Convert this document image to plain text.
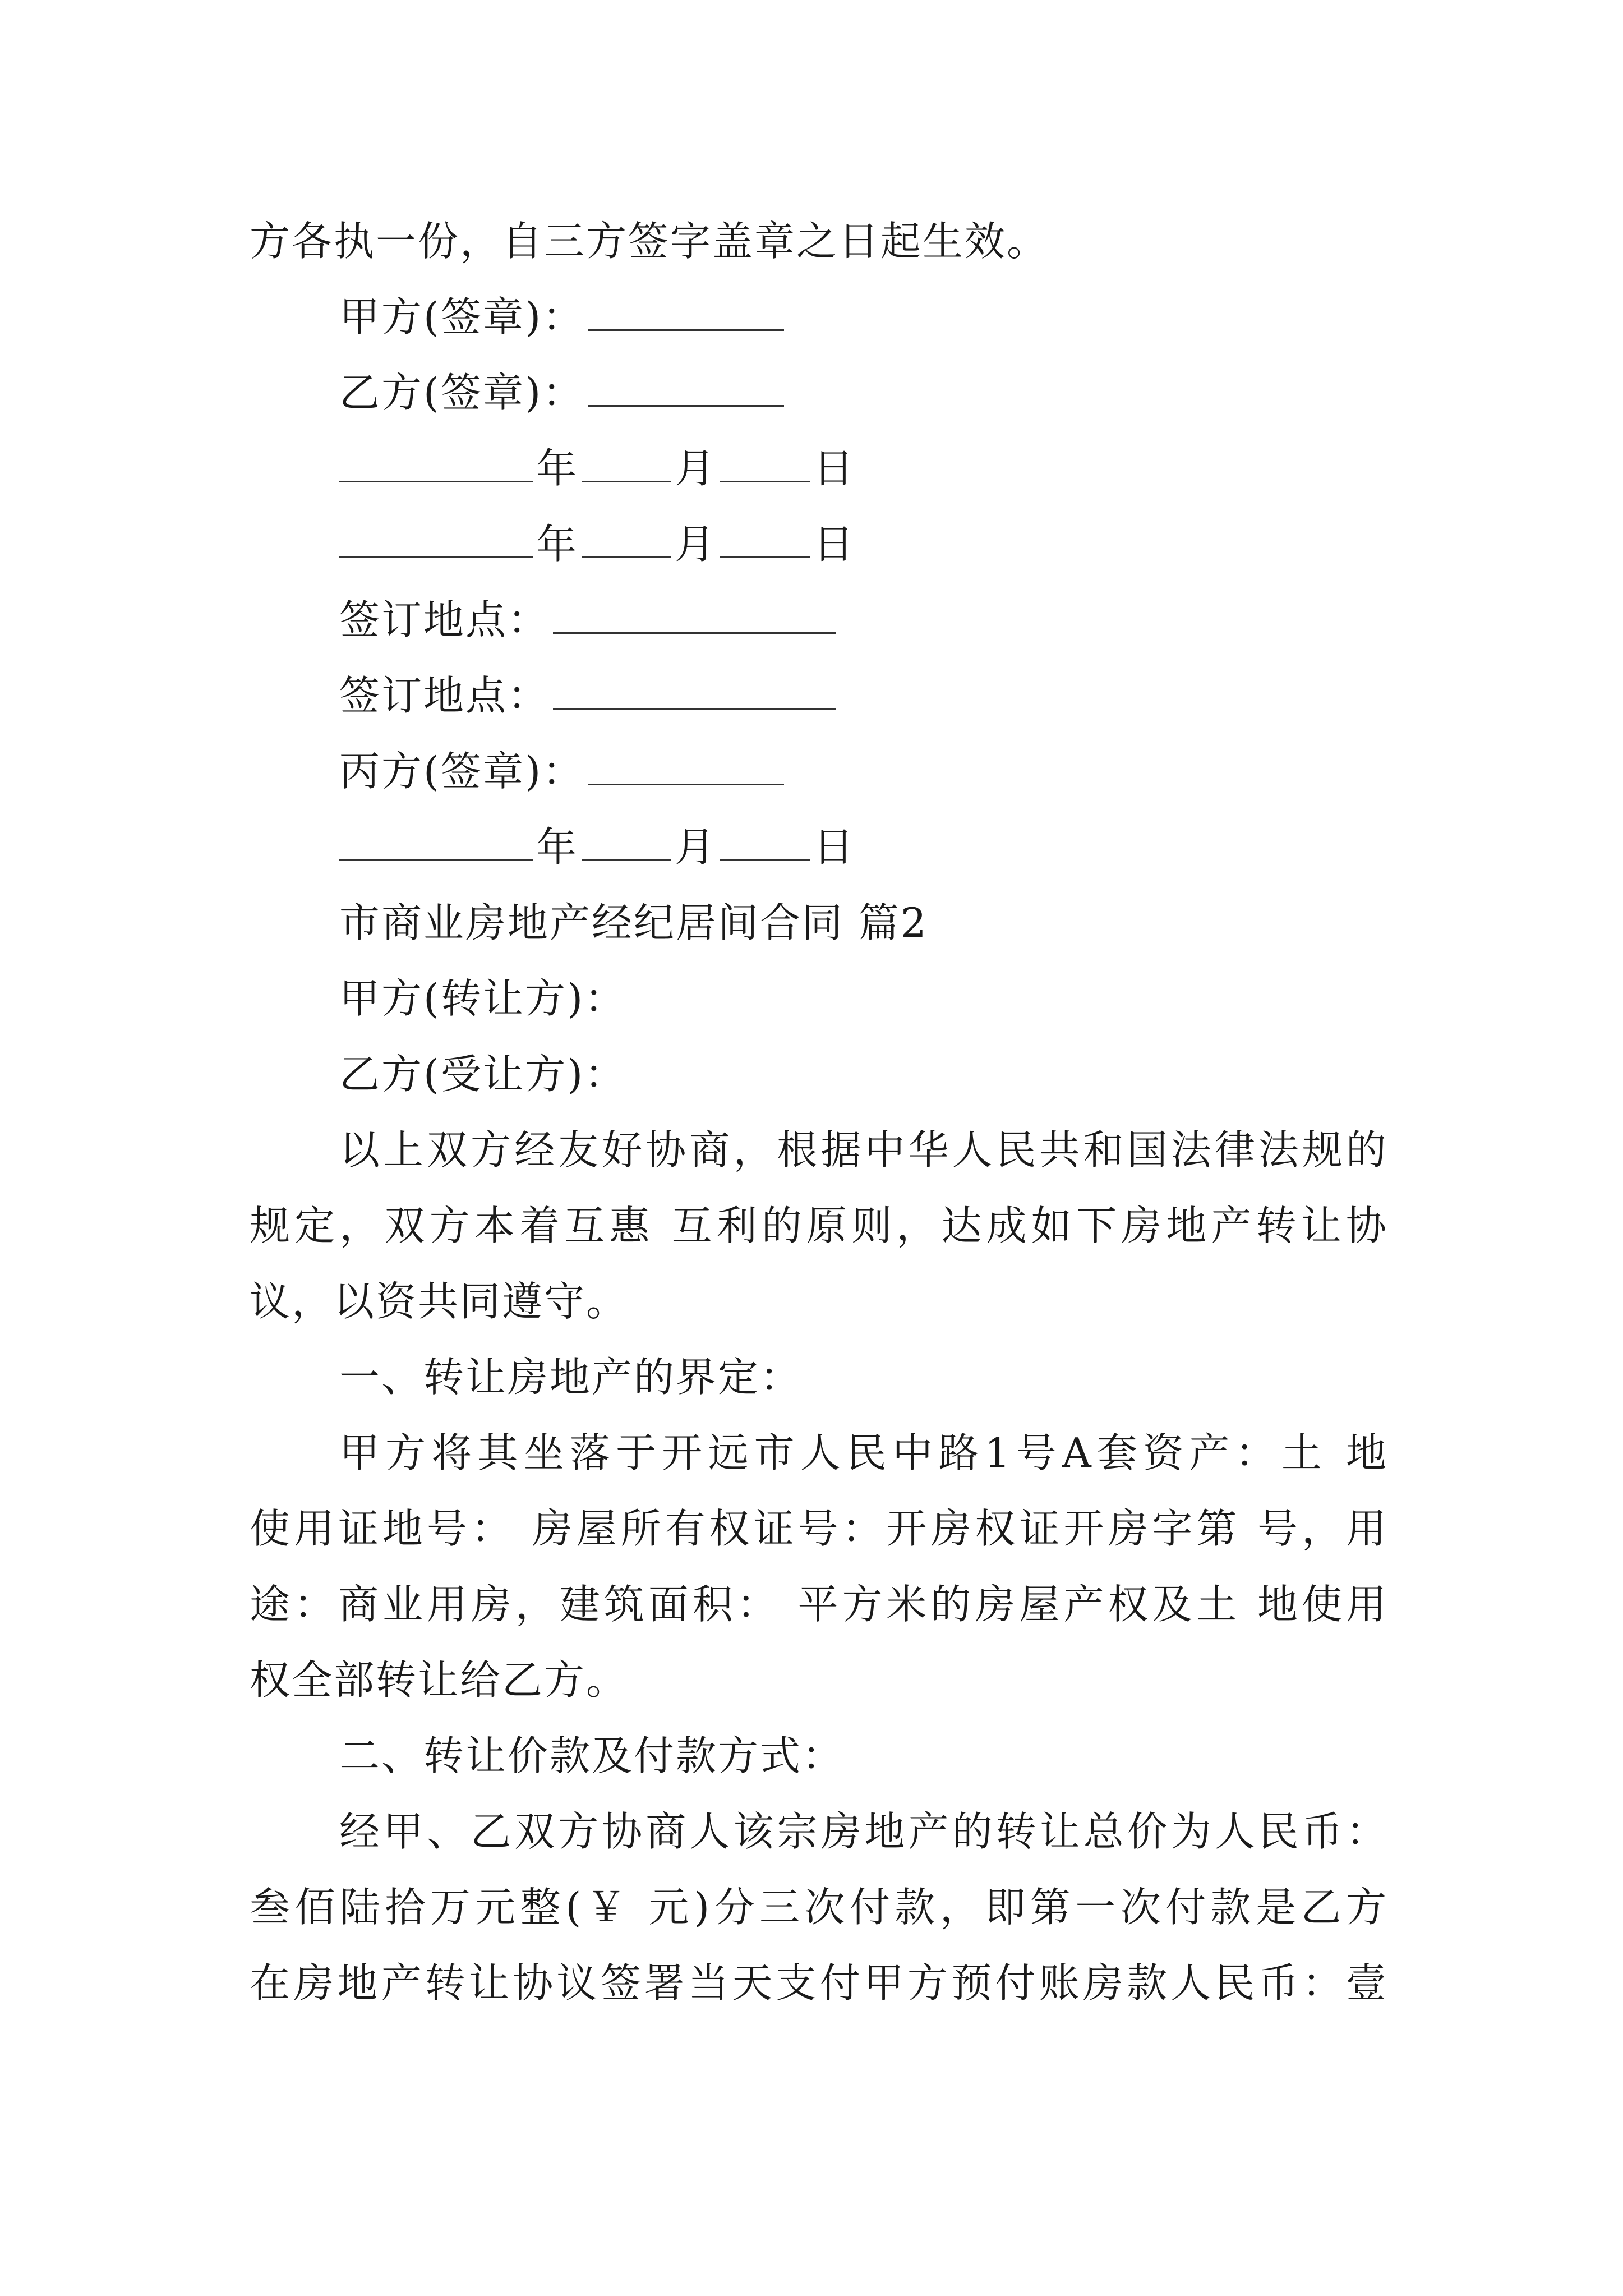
方各执一份，自三方签字盖章之日起生效。
甲方(签章)：
乙方(签章)：
年 月 日
年 月 日
签订地点：
签订地点：
丙方(签章)：
年 月 日
市商业房地产经纪居间合同 篇2
甲方(转让方)：
乙方(受让方)：
以上双方经友好协商，根据中华人民共和国法律法规的
规定，双方本着互惠 互利的原则，达成如下房地产转让协
议，以资共同遵守。
一、转让房地产的界定：
甲方将其坐落于开远市人民中路1号A套资产：土 地
使用证地号： 房屋所有权证号：开房权证开房字第 号，用
途：商业用房，建筑面积： 平方米的房屋产权及土 地使用
权全部转让给乙方。
二、转让价款及付款方式：
经甲、乙双方协商人该宗房地产的转让总价为人民币：
叁佰陆拾万元整(￥ 元)分三次付款，即第一次付款是乙方
在房地产转让协议签署当天支付甲方预付账房款人民币：壹
